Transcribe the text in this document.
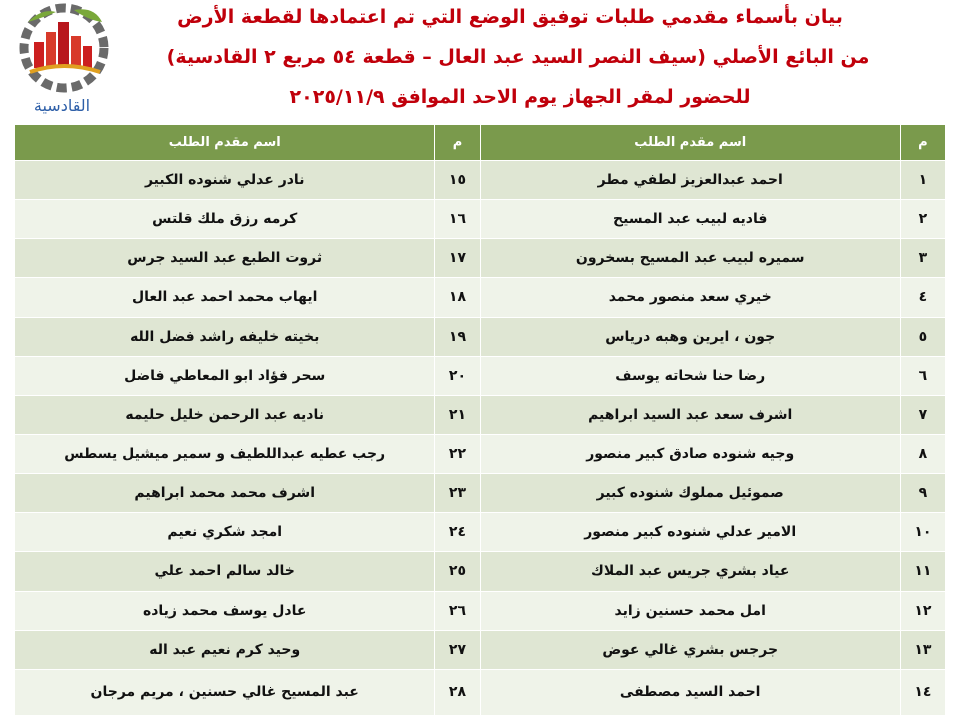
القادسية
بيان بأسماء مقدمي طلبات توفيق الوضع التي تم اعتمادها لقطعة الأرض
من البائع الأصلي (سيف النصر السيد عبد العال – قطعة ٥٤ مربع ٢ القادسية)
للحضور لمقر الجهاز يوم الاحد الموافق ٢٠٢٥/١١/٩
م	اسم مقدم الطلب	م	اسم مقدم الطلب
١	احمد عبدالعزيز لطفي مطر	١٥	نادر عدلي شنوده الكبير
٢	فاديه لبيب عبد المسيح	١٦	كرمه رزق ملك قلتس
٣	سميره لبيب عبد المسيح بسخرون	١٧	ثروت الطبع عبد السيد جرس
٤	خيري سعد منصور محمد	١٨	ايهاب محمد احمد عبد العال
٥	جون ، ايرين وهبه درياس	١٩	بخيته خليفه راشد فضل الله
٦	رضا حنا شحاته يوسف	٢٠	سحر فؤاد ابو المعاطي فاضل
٧	اشرف سعد عبد السيد ابراهيم	٢١	ناديه عبد الرحمن خليل حليمه
٨	وجيه شنوده صادق كبير منصور	٢٢	رجب عطيه عبداللطيف و سمير ميشيل يسطس
٩	صموئيل مملوك شنوده كبير	٢٣	اشرف محمد محمد ابراهيم
١٠	الامير عدلي شنوده كبير منصور	٢٤	امجد شكري نعيم
١١	عياد بشري جريس عبد الملاك	٢٥	خالد سالم احمد علي
١٢	امل محمد حسنين زايد	٢٦	عادل يوسف محمد زياده
١٣	جرجس بشري غالي عوض	٢٧	وحيد كرم نعيم عبد اله
١٤	احمد السيد مصطفى	٢٨	عبد المسيح غالي حسنين ، مريم مرجان
